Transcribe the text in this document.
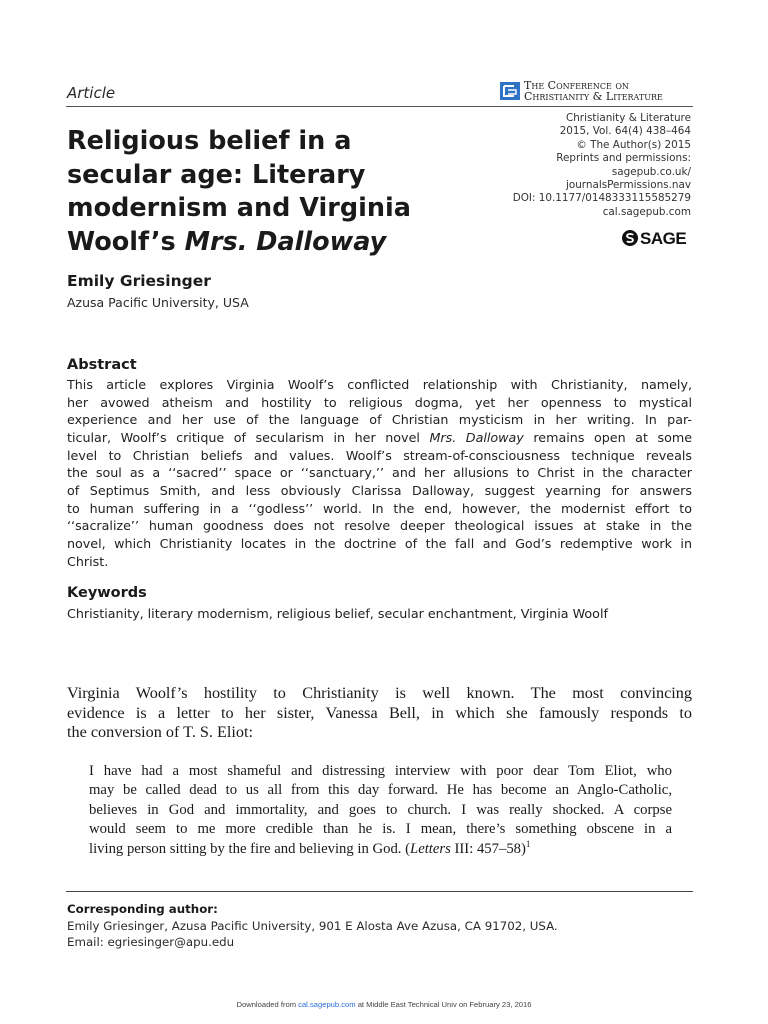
Article	The Conference on
Christianity & Literature
Christianity & Literature
2015, Vol. 64(4) 438–464
© The Author(s) 2015
Reprints and permissions:
sagepub.co.uk/
journalsPermissions.nav
DOI: 10.1177/0148333115585279
cal.sagepub.com
SAGE
Religious belief in a
secular age: Literary
modernism and Virginia
Woolf’s Mrs. Dalloway
Emily Griesinger
Azusa Pacific University, USA
Abstract
This article explores Virginia Woolf’s conflicted relationship with Christianity, namely,
her avowed atheism and hostility to religious dogma, yet her openness to mystical
experience and her use of the language of Christian mysticism in her writing. In par-
ticular, Woolf’s critique of secularism in her novel Mrs. Dalloway remains open at some
level to Christian beliefs and values. Woolf’s stream-of-consciousness technique reveals
the soul as a ‘‘sacred’’ space or ‘‘sanctuary,’’ and her allusions to Christ in the character
of Septimus Smith, and less obviously Clarissa Dalloway, suggest yearning for answers
to human suffering in a ‘‘godless’’ world. In the end, however, the modernist effort to
‘‘sacralize’’ human goodness does not resolve deeper theological issues at stake in the
novel, which Christianity locates in the doctrine of the fall and God’s redemptive work in
Christ.
Keywords
Christianity, literary modernism, religious belief, secular enchantment, Virginia Woolf
Virginia Woolf’s hostility to Christianity is well known. The most convincing
evidence is a letter to her sister, Vanessa Bell, in which she famously responds to
the conversion of T. S. Eliot:
I have had a most shameful and distressing interview with poor dear Tom Eliot, who
may be called dead to us all from this day forward. He has become an Anglo-Catholic,
believes in God and immortality, and goes to church. I was really shocked. A corpse
would seem to me more credible than he is. I mean, there’s something obscene in a
living person sitting by the fire and believing in God. (Letters III: 457–58)$^1$
Corresponding author:
Emily Griesinger, Azusa Pacific University, 901 E Alosta Ave Azusa, CA 91702, USA.
Email: egriesinger@apu.edu
Downloaded from cal.sagepub.com at Middle East Technical Univ on February 23, 2016
